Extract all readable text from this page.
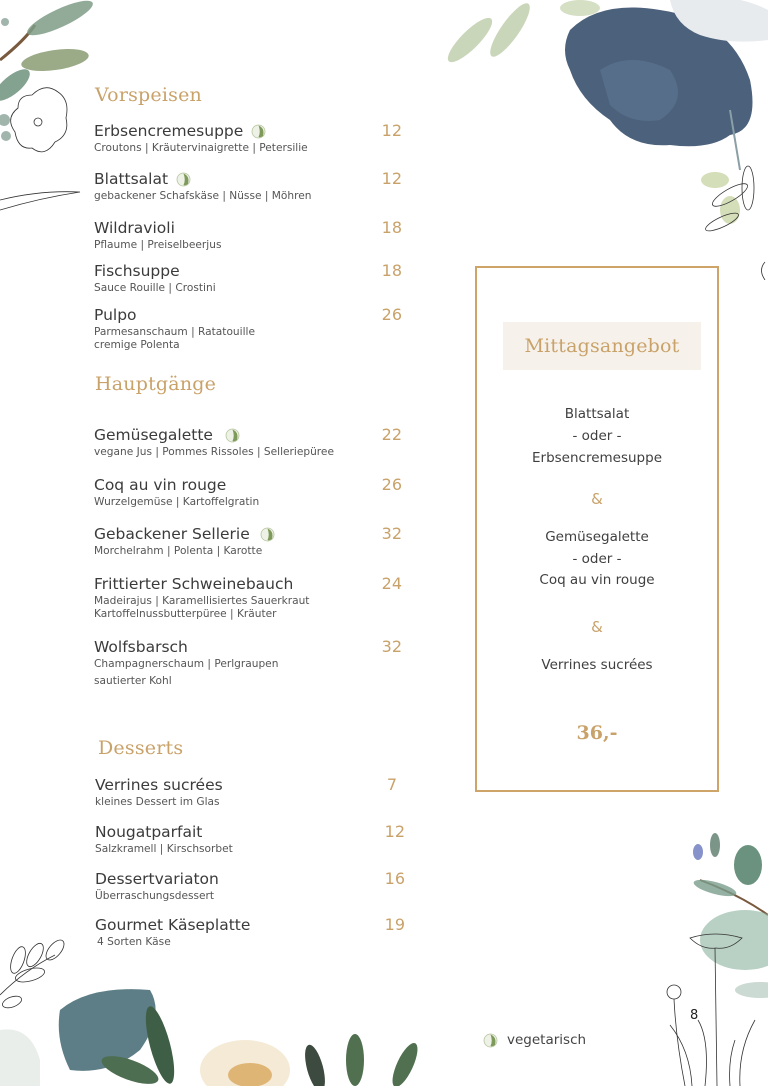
Vorspeisen
Erbsencremesuppe
Croutons | Kräutervinaigrette | Petersilie
12
Blattsalat
gebackener Schafskäse | Nüsse | Möhren
12
Wildravioli
Pflaume | Preiselbeerjus
18
Fischsuppe
Sauce Rouille | Crostini
18
Pulpo
Parmesanschaum | Ratatouille
cremige Polenta
26
Hauptgänge
Gemüsegalette
vegane Jus | Pommes Rissoles | Selleriepüree
22
Coq au vin rouge
Wurzelgemüse | Kartoffelgratin
26
Gebackener Sellerie
Morchelrahm | Polenta | Karotte
32
Frittierter Schweinebauch
Madeirajus | Karamellisiertes Sauerkraut
Kartoffelnussbutterpüree | Kräuter
24
Wolfsbarsch
Champagnerschaum | Perlgraupen
sautierter Kohl
32
Desserts
Verrines sucrées
kleines Dessert im Glas
7
Nougatparfait
Salzkramell | Kirschsorbet
12
Dessertvariaton
Überraschungsdessert
16
Gourmet Käseplatte
4 Sorten Käse
19
Mittagsangebot
Blattsalat
- oder -
Erbsencremesuppe
&
Gemüsegalette
- oder -
Coq au vin rouge
&
Verrines sucrées
36,-
vegetarisch
8
